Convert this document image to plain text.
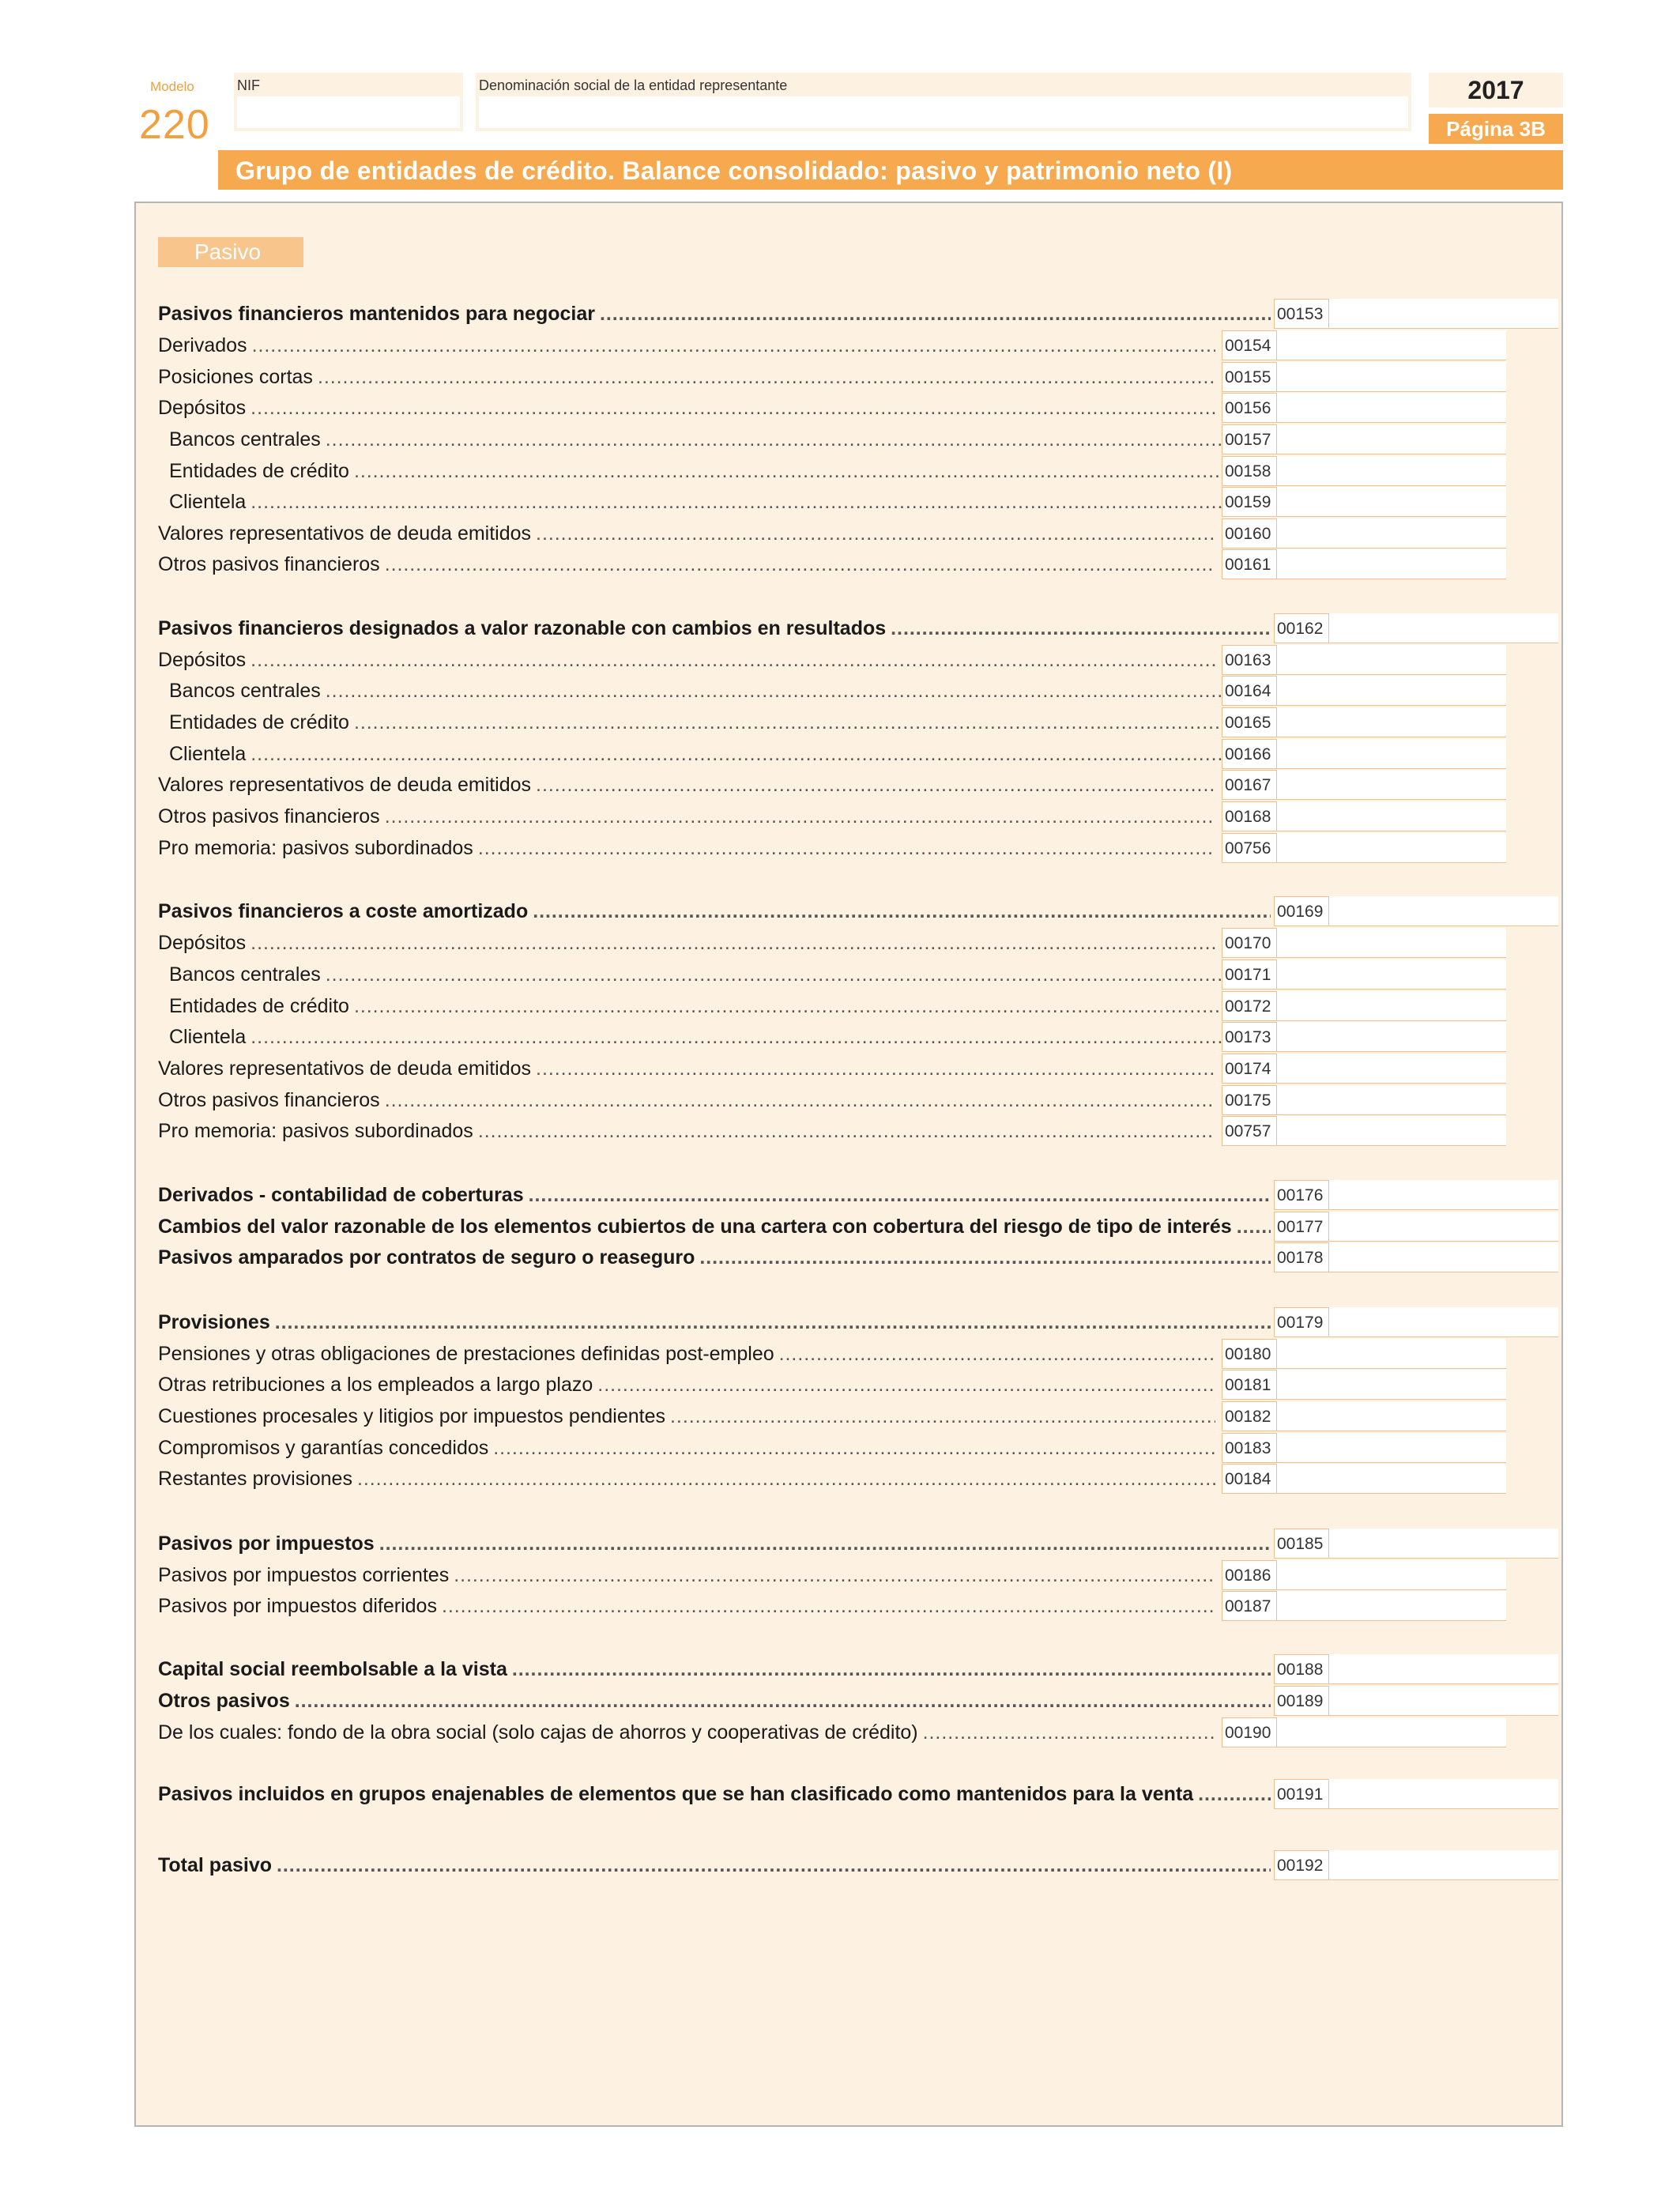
Modelo
220
NIF	Denominación social de la entidad representante	2017
Página 3B
Grupo de entidades de crédito. Balance consolidado: pasivo y patrimonio neto (I)
Pasivo
Pasivos financieros mantenidos para negociar . . .	00153
Derivados . . .	00154
Posiciones cortas . . .	00155
Depósitos . . .	00156
Bancos centrales . . .	00157
Entidades de crédito . . .	00158
Clientela . . .	00159
Valores representativos de deuda emitidos . . .	00160
Otros pasivos financieros . . .	00161
Pasivos financieros designados a valor razonable con cambios en resultados . . .	00162
Depósitos . . .	00163
Bancos centrales . . .	00164
Entidades de crédito . . .	00165
Clientela . . .	00166
Valores representativos de deuda emitidos . . .	00167
Otros pasivos financieros . . .	00168
Pro memoria: pasivos subordinados . . .	00756
Pasivos financieros a coste amortizado . . .	00169
Depósitos . . .	00170
Bancos centrales . . .	00171
Entidades de crédito . . .	00172
Clientela . . .	00173
Valores representativos de deuda emitidos . . .	00174
Otros pasivos financieros . . .	00175
Pro memoria: pasivos subordinados . . .	00757
Derivados - contabilidad de coberturas . . .	00176
Cambios del valor razonable de los elementos cubiertos de una cartera con cobertura del riesgo de tipo de interés . . .	00177
Pasivos amparados por contratos de seguro o reaseguro . . .	00178
Provisiones . . .	00179
Pensiones y otras obligaciones de prestaciones definidas post-empleo . . .	00180
Otras retribuciones a los empleados a largo plazo . . .	00181
Cuestiones procesales y litigios por impuestos pendientes . . .	00182
Compromisos y garantías concedidos . . .	00183
Restantes provisiones . . .	00184
Pasivos por impuestos . . .	00185
Pasivos por impuestos corrientes . . .	00186
Pasivos por impuestos diferidos . . .	00187
Capital social reembolsable a la vista . . .	00188
Otros pasivos . . .	00189
De los cuales: fondo de la obra social (solo cajas de ahorros y cooperativas de crédito) . . .	00190
Pasivos incluidos en grupos enajenables de elementos que se han clasificado como mantenidos para la venta . . .	00191
Total pasivo . . .	00192
